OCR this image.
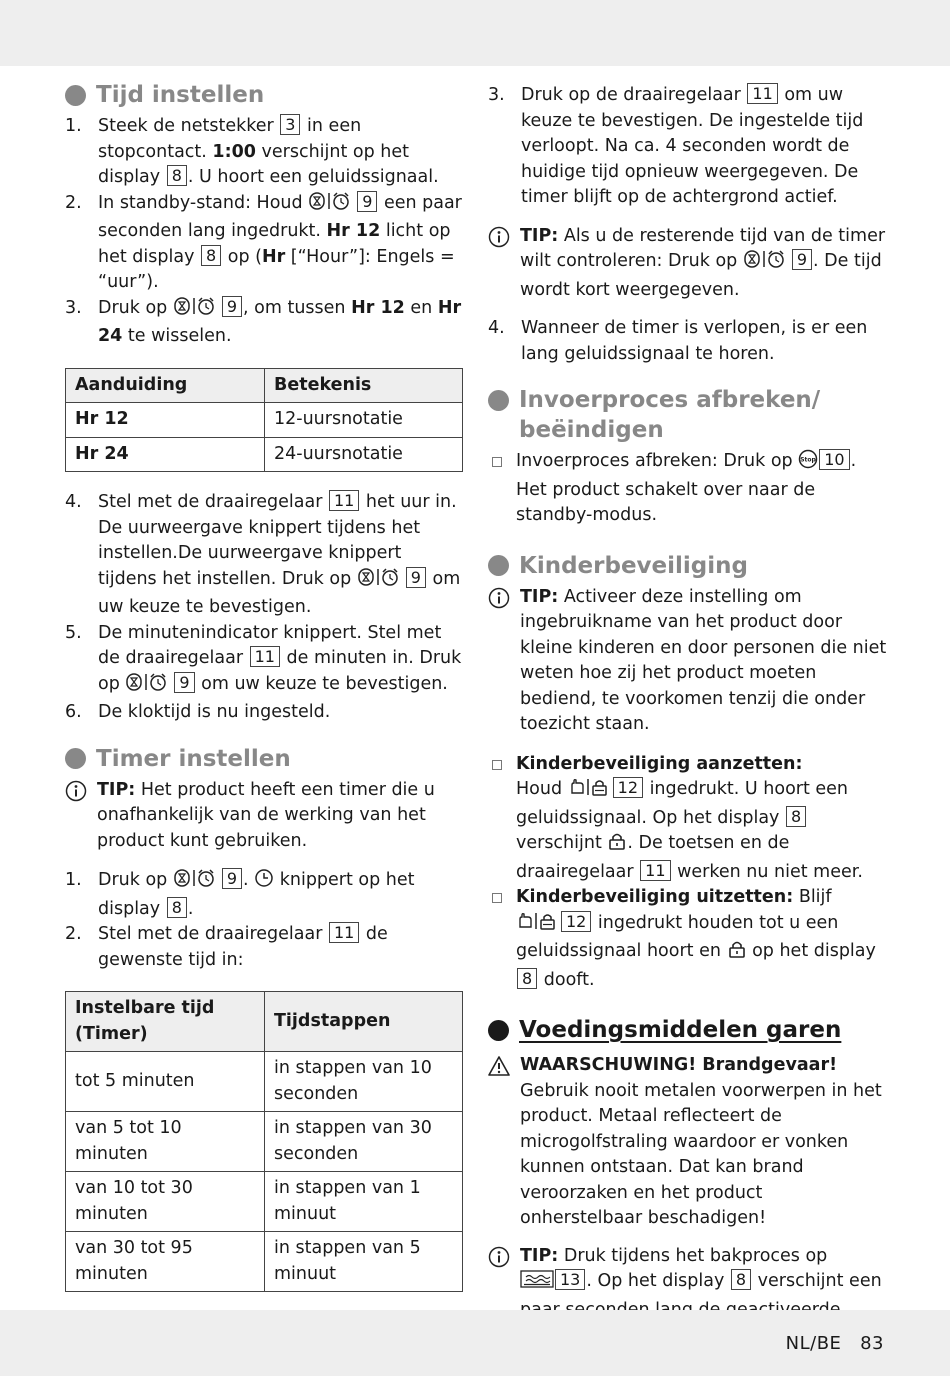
Tijd instellen
1. Steek de netstekker 3 in een stopcontact. 1:00 verschijnt op het display 8 . U hoort een geluidssignaal.
2. In standby-stand: Houd	9 een paar seconden lang ingedrukt. Hr 12 licht op het display 8 op (Hr [“Hour”]: Engels = “uur”).
3. Druk op	9 , om tussen Hr 12 en Hr 24 te wisselen.
Aanduiding	Betekenis
Hr 12	12-uursnotatie
Hr 24	24-uursnotatie
4. Stel met de draairegelaar 11 het uur in. De uurweergave knippert tijdens het instellen.De uurweergave knippert tijdens het instellen. Druk op	9 om uw keuze te bevestigen.
5. De minutenindicator knippert. Stel met de draairegelaar 11 de minuten in. Druk op	9 om uw keuze te bevestigen.
6. De kloktijd is nu ingesteld.
Timer instellen
TIP: Het product heeft een timer die u onafhankelijk van de werking van het product kunt gebruiken.
1. Druk op	9 .  knippert op het display 8 .
2. Stel met de draairegelaar 11 de gewenste tijd in:
Instelbare tijd (Timer)	Tijdstappen
tot 5 minuten	in stappen van 10 seconden
van 5 tot 10 minuten	in stappen van 30 seconden
van 10 tot 30 minuten	in stappen van 1 minuut
van 30 tot 95 minuten	in stappen van 5 minuut
3. Druk op de draairegelaar 11 om uw keuze te bevestigen. De ingestelde tijd verloopt. Na ca. 4 seconden wordt de huidige tijd opnieuw weergegeven. De timer blijft op de achtergrond actief.
TIP: Als u de resterende tijd van de timer wilt controleren: Druk op	9 . De tijd wordt kort weergegeven.
4. Wanneer de timer is verlopen, is er een lang geluidssignaal te horen.
Invoerproces afbreken/
beëindigen
Invoerproces afbreken: Druk op Stop 10 . Het product schakelt over naar de standby-modus.
Kinderbeveiliging
TIP: Activeer deze instelling om ingebruikname van het product door kleine kinderen en door personen die niet weten hoe zij het product moeten bediend, te voorkomen tenzij die onder toezicht staan.
Kinderbeveiliging aanzetten:
Houd	12 ingedrukt. U hoort een geluidssignaal. Op het display 8 verschijnt . De toetsen en de draairegelaar 11 werken nu niet meer.
Kinderbeveiliging uitzetten: Blijf
12 ingedrukt houden tot u een geluidssignaal hoort en  op het display 8 dooft.
Voedingsmiddelen garen
WAARSCHUWING! Brandgevaar!
Gebruik nooit metalen voorwerpen in het product. Metaal reflecteert de microgolfstraling waardoor er vonken kunnen ontstaan. Dat kan brand veroorzaken en het product onherstelbaar beschadigen!
TIP: Druk tijdens het bakproces op
13 . Op het display 8 verschijnt een
NL/BE   83
